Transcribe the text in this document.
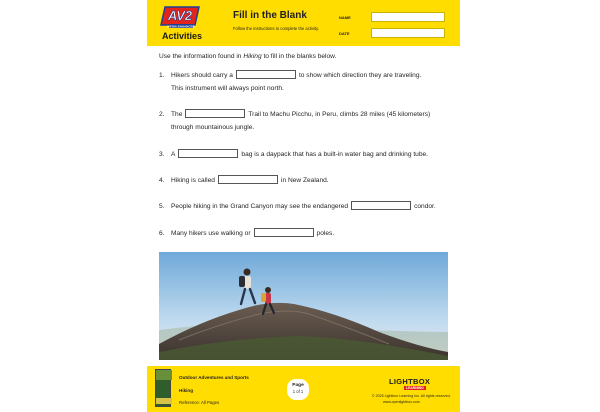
AV2
MEDIA ENHANCED
Activities
Fill in the Blank
Follow the instructions to complete the activity.
NAME
DATE
Use the information found in Hiking to fill in the blanks below.
1. Hikers should carry a	to show which direction they are traveling.
This instrument will always point north.
2. The	Trail to Machu Picchu, in Peru, climbs 28 miles (45 kilometers)
through mountainous jungle.
3. A	bag is a daypack that has a built-in water bag and drinking tube.
4. Hiking is called	in New Zealand.
5. People hiking in the Grand Canyon may see the endangered	condor.
6. Many hikers use walking or	poles.
Outdoor Adventures and Sports
Hiking
Reference: All Pages
Page
1 of 1
LIGHTBOX
LEARNING
© 2025 Lightbox Learning Inc. All rights reserved.
www.openlightbox.com
